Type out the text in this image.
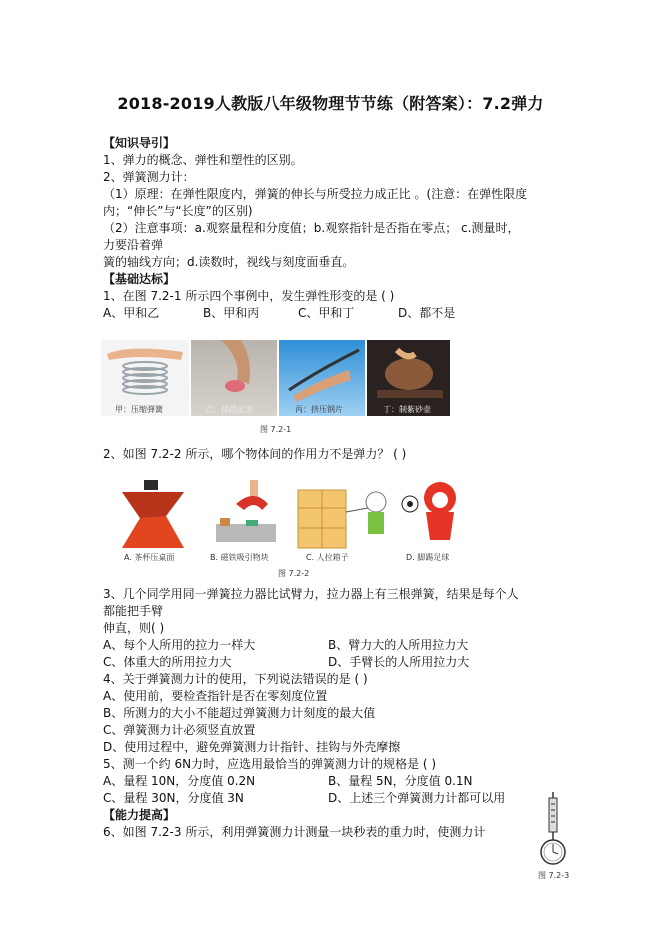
2018-2019人教版八年级物理节节练（附答案）：7.2弹力
【知识导引】
1、弹力的概念、弹性和塑性的区别。
2、弹簧测力计：
（1）原理：在弹性限度内，弹簧的伸长与所受拉力成正比 。(注意：在弹性限度
内；“伸长”与“长度”的区别)
（2）注意事项：a.观察量程和分度值；b.观察指针是否指在零点； c.测量时，
力要沿着弹
簧的轴线方向；d.读数时，视线与刻度面垂直。
【基础达标】
1、在图 7.2-1 所示四个事例中，发生弹性形变的是 ( )
A、甲和乙	B、甲和丙	C、甲和丁	D、都不是
甲：压缩弹簧	乙：揉搓皮泥	丙：挤压钢片	丁：制紫砂壶
图 7.2-1
2、如图 7.2-2 所示，哪个物体间的作用力不是弹力？ ( )
A. 茶杯压桌面	B. 磁铁吸引物块	C. 人拉箱子	D. 脚踢足球
图 7.2-2
3、几个同学用同一弹簧拉力器比试臂力，拉力器上有三根弹簧，结果是每个人
都能把手臂
伸直，则( )
A、每个人所用的拉力一样大	B、臂力大的人所用拉力大
C、体重大的所用拉力大	D、手臂长的人所用拉力大
4、关于弹簧测力计的使用，下列说法错误的是 ( )
A、使用前，要检查指针是否在零刻度位置
B、所测力的大小不能超过弹簧测力计刻度的最大值
C、弹簧测力计必须竖直放置
D、使用过程中，避免弹簧测力计指针、挂钩与外壳摩擦
5、测一个约 6N力时，应选用最恰当的弹簧测力计的规格是 ( )
A、量程 10N，分度值 0.2N	B、量程 5N，分度值 0.1N
C、量程 30N，分度值 3N	D、上述三个弹簧测力计都可以用
【能力提高】
6、如图 7.2-3 所示，利用弹簧测力计测量一块秒表的重力时，使测力计
图 7.2-3
